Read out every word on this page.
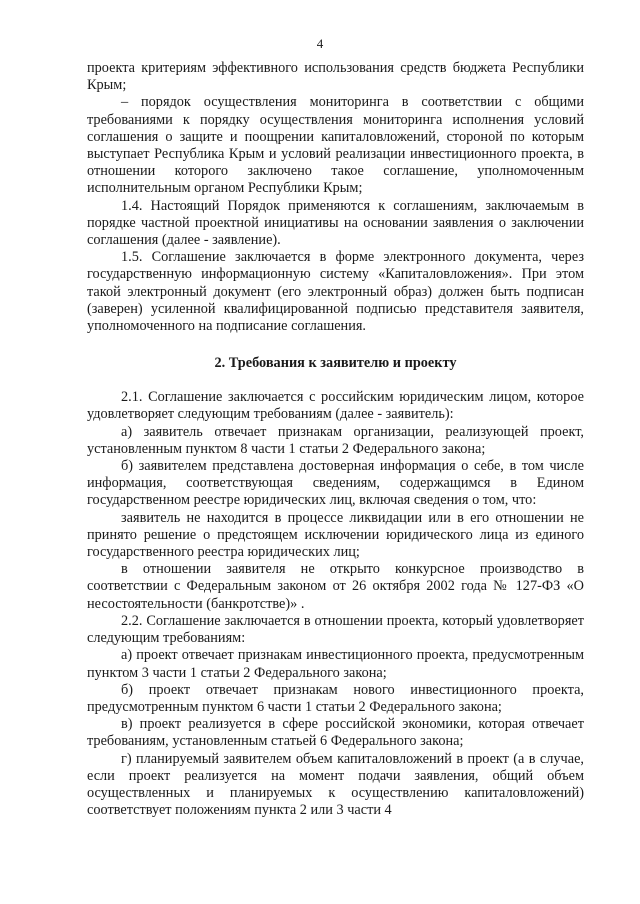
4

проекта критериям эффективного использования средств бюджета Республики Крым;

– порядок осуществления мониторинга в соответствии с общими требованиями к порядку осуществления мониторинга исполнения условий соглашения о защите и поощрении капиталовложений, стороной по которым выступает Республика Крым и условий реализации инвестиционного проекта, в отношении которого заключено такое соглашение, уполномоченным исполнительным органом Республики Крым;

1.4. Настоящий Порядок применяются к соглашениям, заключаемым в порядке частной проектной инициативы на основании заявления о заключении соглашения (далее - заявление).

1.5. Соглашение заключается в форме электронного документа, через государственную информационную систему «Капиталовложения». При этом такой электронный документ (его электронный образ) должен быть подписан (заверен) усиленной квалифицированной подписью представителя заявителя, уполномоченного на подписание соглашения.

2. Требования к заявителю и проекту

2.1. Соглашение заключается с российским юридическим лицом, которое удовлетворяет следующим требованиям (далее - заявитель):

а) заявитель отвечает признакам организации, реализующей проект, установленным пунктом 8 части 1 статьи 2 Федерального закона;

б) заявителем представлена достоверная информация о себе, в том числе информация, соответствующая сведениям, содержащимся в Едином государственном реестре юридических лиц, включая сведения о том, что:

заявитель не находится в процессе ликвидации или в его отношении не принято решение о предстоящем исключении юридического лица из единого государственного реестра юридических лиц;

в отношении заявителя не открыто конкурсное производство в соответствии с Федеральным законом от 26 октября 2002 года № 127-ФЗ «О несостоятельности (банкротстве)» .

2.2. Соглашение заключается в отношении проекта, который удовлетворяет следующим требованиям:

а) проект отвечает признакам инвестиционного проекта, предусмотренным пунктом 3 части 1 статьи 2 Федерального закона;

б) проект отвечает признакам нового инвестиционного проекта, предусмотренным пунктом 6 части 1 статьи 2 Федерального закона;

в) проект реализуется в сфере российской экономики, которая отвечает требованиям, установленным статьей 6 Федерального закона;

г) планируемый заявителем объем капиталовложений в проект (а в случае, если проект реализуется на момент подачи заявления, общий объем осуществленных и планируемых к осуществлению капиталовложений) соответствует положениям пункта 2 или 3 части 4
